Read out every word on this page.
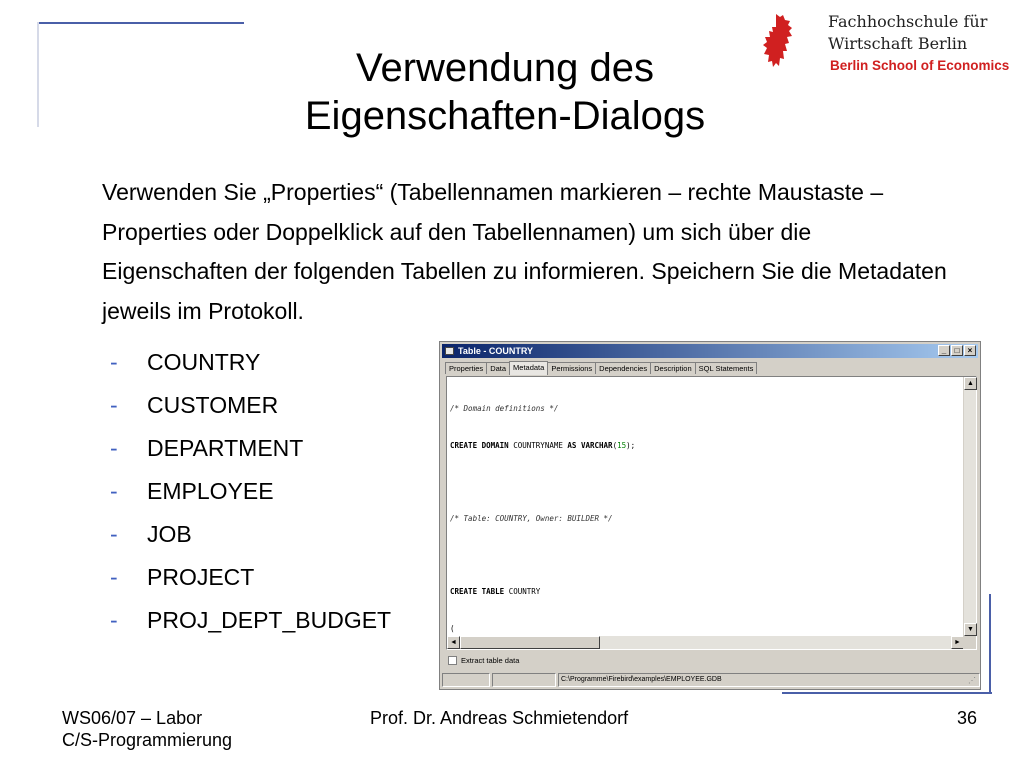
Fachhochschule für
Wirtschaft Berlin
Berlin School of Economics
Verwendung des
Eigenschaften-Dialogs
Verwenden Sie „Properties“ (Tabellennamen markieren – rechte Maustaste – Properties oder Doppelklick auf den Tabellennamen) um sich über die Eigenschaften der folgenden Tabellen zu informieren. Speichern Sie die Metadaten jeweils im Protokoll.
- COUNTRY
- CUSTOMER
- DEPARTMENT
- EMPLOYEE
- JOB
- PROJECT
- PROJ_DEPT_BUDGET
Table - COUNTRY	_	□	×
Properties Data Metadata Permissions Dependencies Description SQL Statements

/* Domain definitions */

CREATE DOMAIN COUNTRYNAME AS VARCHAR(15);

/* Table: COUNTRY, Owner: BUILDER */

CREATE TABLE COUNTRY

(

▲
▼
◄	►
Extract table data
C:\Programme\Firebird\examples\EMPLOYEE.GDB	⋰
WS06/07 – Labor
C/S-Programmierung
Prof. Dr. Andreas Schmietendorf	36
